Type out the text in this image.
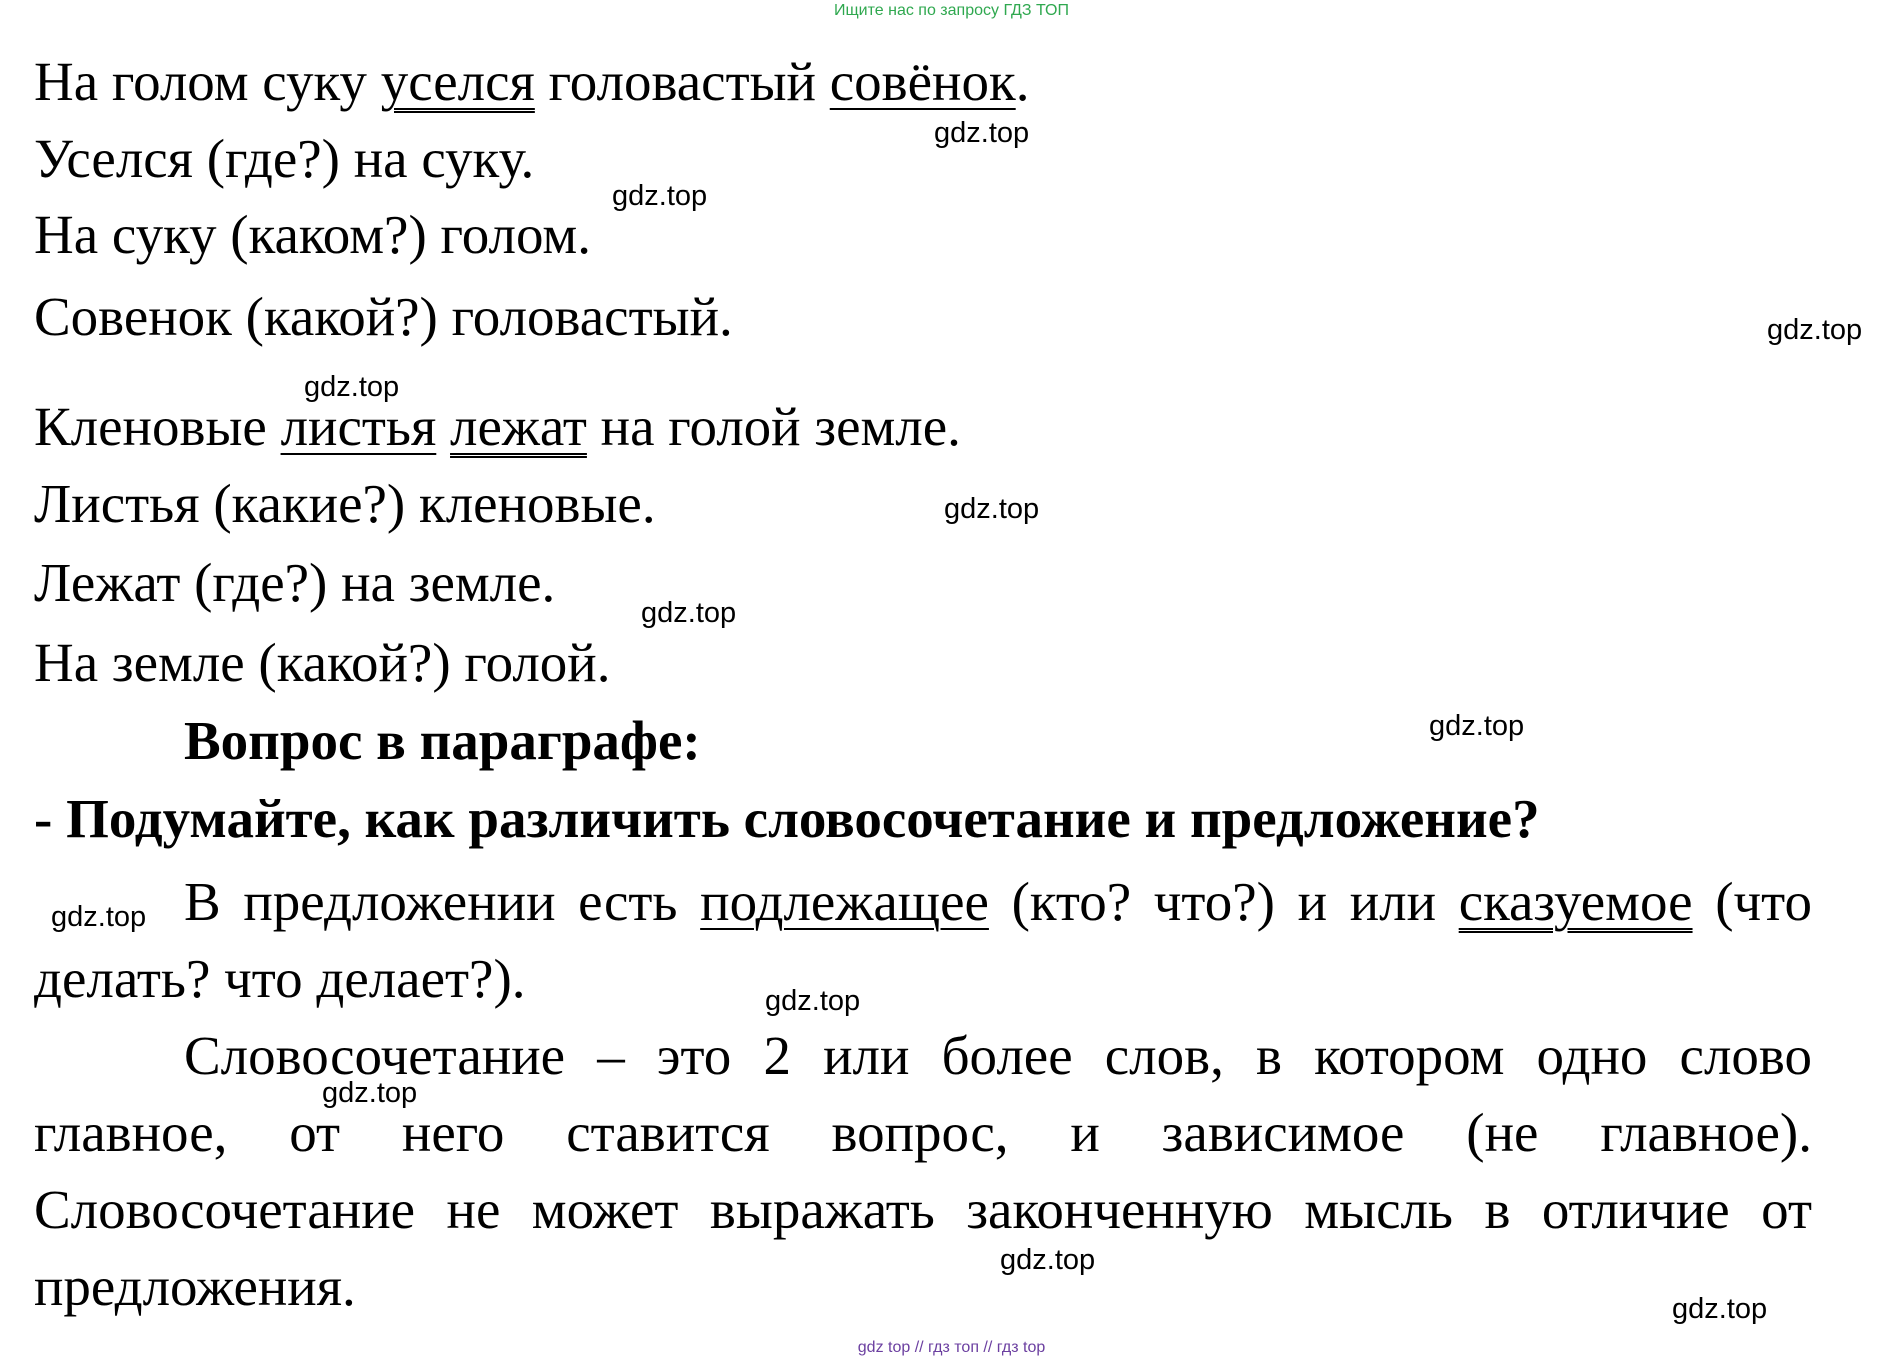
Ищите нас по запросу ГДЗ ТОП
На голом суку уселся головастый совёнок.
Уселся (где?) на суку.
На суку (каком?) голом.
Совенок (какой?) головастый.
Кленовые листья лежат на голой земле.
Листья (какие?) кленовые.
Лежат (где?) на земле.
На земле (какой?) голой.
Вопрос в параграфе:
- Подумайте, как различить словосочетание и предложение?
В предложении есть подлежащее (кто? что?) и или сказуемое (что делать? что делает?).
Словосочетание – это 2 или более слов, в котором одно слово главное, от него ставится вопрос, и зависимое (не главное). Словосочетание не может выражать законченную мысль в отличие от предложения.
gdz.top
gdz.top
gdz.top
gdz.top
gdz.top
gdz.top
gdz.top
gdz.top
gdz.top
gdz.top
gdz.top
gdz.top
gdz top // гдз топ // гдз top
